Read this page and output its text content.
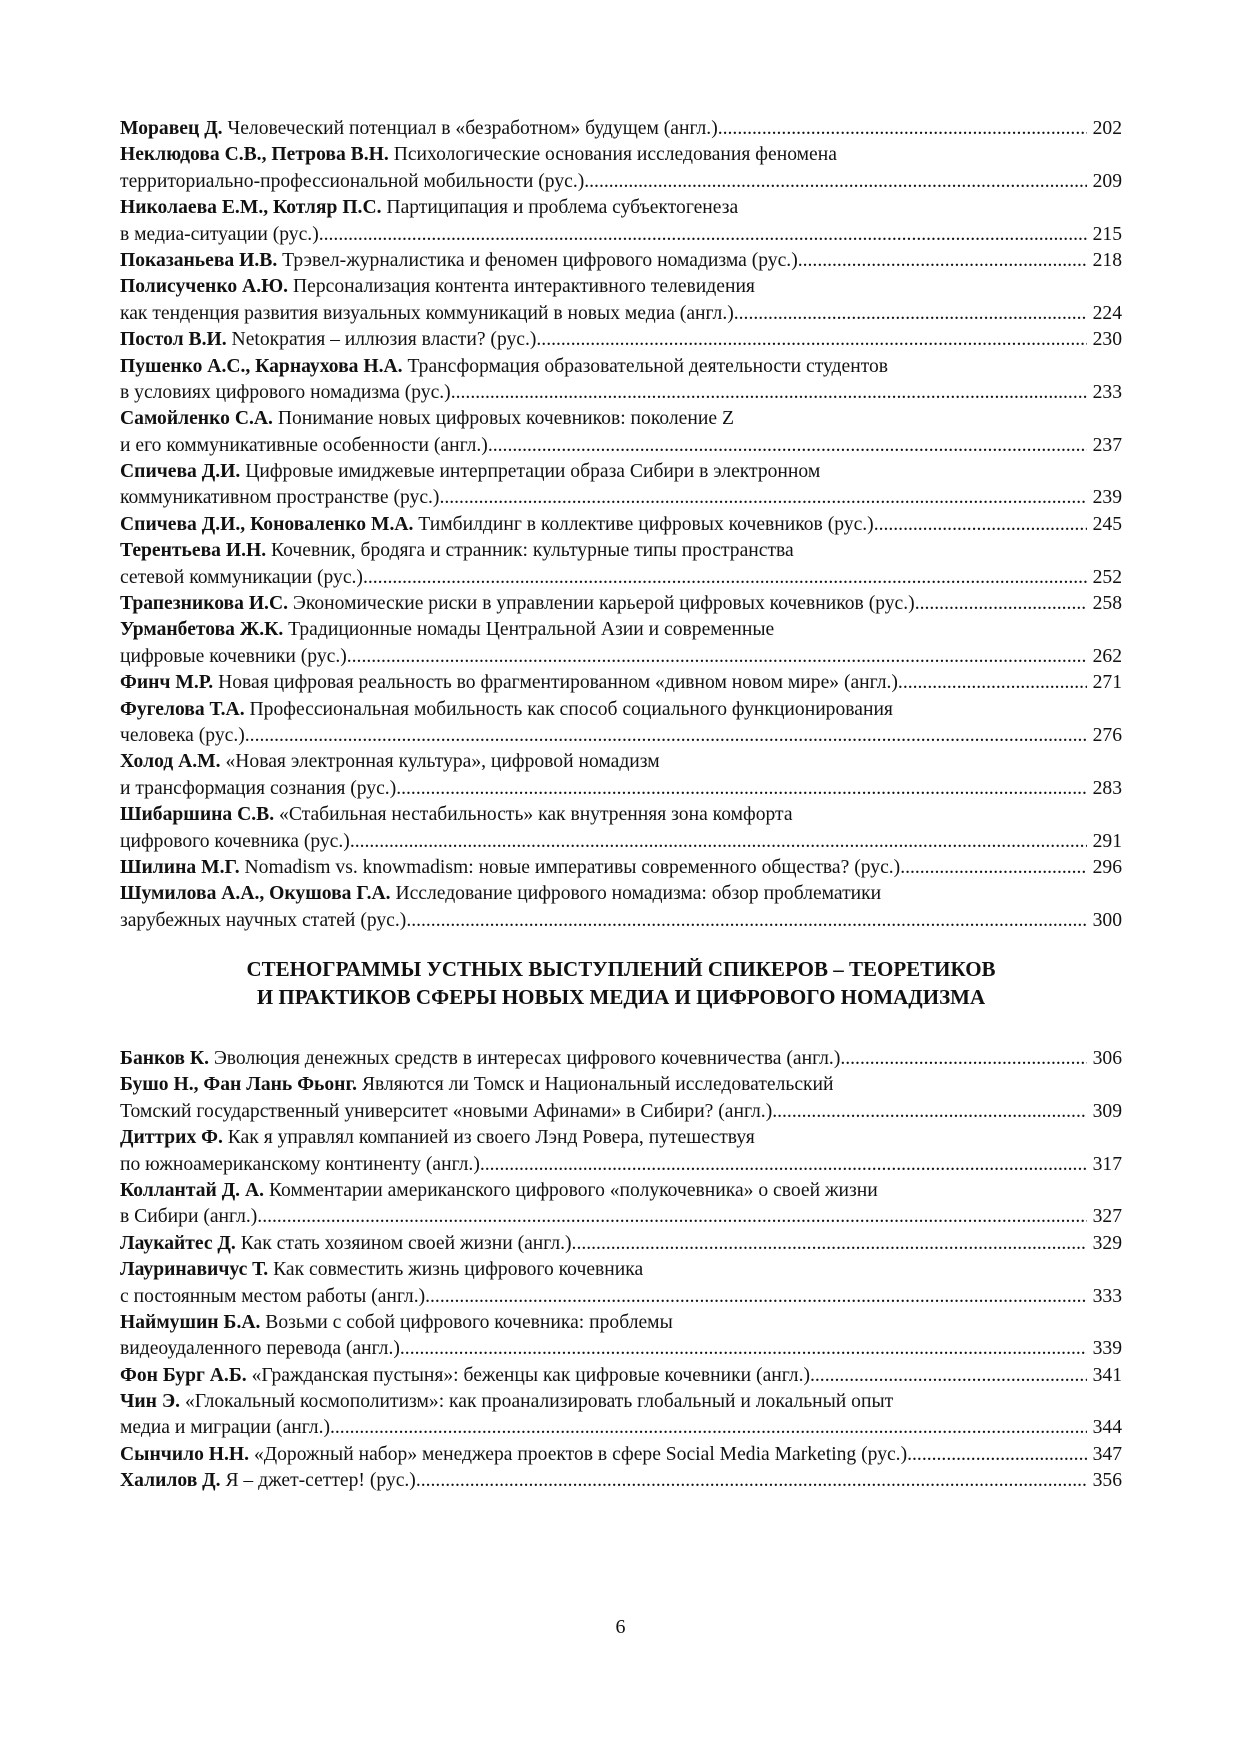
Моравец Д. Человеческий потенциал в «безработном» будущем (англ.) .....	202
Неклюдова С.В., Петрова В.Н. Психологические основания исследования феномена
территориально-профессиональной мобильности (рус.) .....	209
Николаева Е.М., Котляр П.С. Партиципация и проблема субъектогенеза
в медиа-ситуации (рус.) .....	215
Показаньева И.В. Трэвел-журналистика и феномен цифрового номадизма (рус.) .....	218
Полисученко А.Ю. Персонализация контента интерактивного телевидения
как тенденция развития визуальных коммуникаций в новых медиа (англ.) .....	224
Постол В.И. Netoкратия – иллюзия власти? (рус.) .....	230
Пушенко А.С., Карнаухова Н.А. Трансформация образовательной деятельности студентов
в условиях цифрового номадизма (рус.) .....	233
Самойленко С.А. Понимание новых цифровых кочевников: поколение Z
и его коммуникативные особенности (англ.) .....	237
Спичева Д.И. Цифровые имиджевые интерпретации образа Сибири в электронном
коммуникативном пространстве (рус.) .....	239
Спичева Д.И., Коноваленко М.А. Тимбилдинг в коллективе цифровых кочевников (рус.) .....	245
Терентьева И.Н. Кочевник, бродяга и странник: культурные типы пространства
сетевой коммуникации (рус.) .....	252
Трапезникова И.С. Экономические риски в управлении карьерой цифровых кочевников (рус.) .....	258
Урманбетова Ж.К. Традиционные номады Центральной Азии и современные
цифровые кочевники (рус.) .....	262
Финч М.Р. Новая цифровая реальность во фрагментированном «дивном новом мире» (англ.) .....	271
Фугелова Т.А. Профессиональная мобильность как способ социального функционирования
человека (рус.) .....	276
Холод А.М. «Новая электронная культура», цифровой номадизм
и трансформация сознания (рус.) .....	283
Шибаршина С.В. «Стабильная нестабильность» как внутренняя зона комфорта
цифрового кочевника (рус.) .....	291
Шилина М.Г. Nomadism vs. knowmadism: новые императивы современного общества? (рус.) .....	296
Шумилова А.А., Окушова Г.А. Исследование цифрового номадизма: обзор проблематики
зарубежных научных статей (рус.) .....	300
СТЕНОГРАММЫ УСТНЫХ ВЫСТУПЛЕНИЙ СПИКЕРОВ – ТЕОРЕТИКОВ
И ПРАКТИКОВ СФЕРЫ НОВЫХ МЕДИА И ЦИФРОВОГО НОМАДИЗМА
Банков К. Эволюция денежных средств в интересах цифрового кочевничества (англ.) .....	306
Бушо Н., Фан Лань Фьонг. Являются ли Томск и Национальный исследовательский
Томский государственный университет «новыми Афинами» в Сибири? (англ.) .....	309
Диттрих Ф. Как я управлял компанией из своего Лэнд Ровера, путешествуя
по южноамериканскому континенту (англ.) .....	317
Коллантай Д. А. Комментарии американского цифрового «полукочевника» о своей жизни
в Сибири (англ.) .....	327
Лаукайтес Д. Как стать хозяином своей жизни (англ.) .....	329
Лауринавичус Т. Как совместить жизнь цифрового кочевника
с постоянным местом работы (англ.) .....	333
Наймушин Б.А. Возьми с собой цифрового кочевника: проблемы
видеоудаленного перевода (англ.) .....	339
Фон Бург А.Б. «Гражданская пустыня»: беженцы как цифровые кочевники (англ.) .....	341
Чин Э. «Глокальный космополитизм»: как проанализировать глобальный и локальный опыт
медиа и миграции (англ.) .....	344
Сынчило Н.Н. «Дорожный набор» менеджера проектов в сфере Social Media Marketing (рус.) .....	347
Халилов Д. Я – джет-сеттер! (рус.) .....	356
6
